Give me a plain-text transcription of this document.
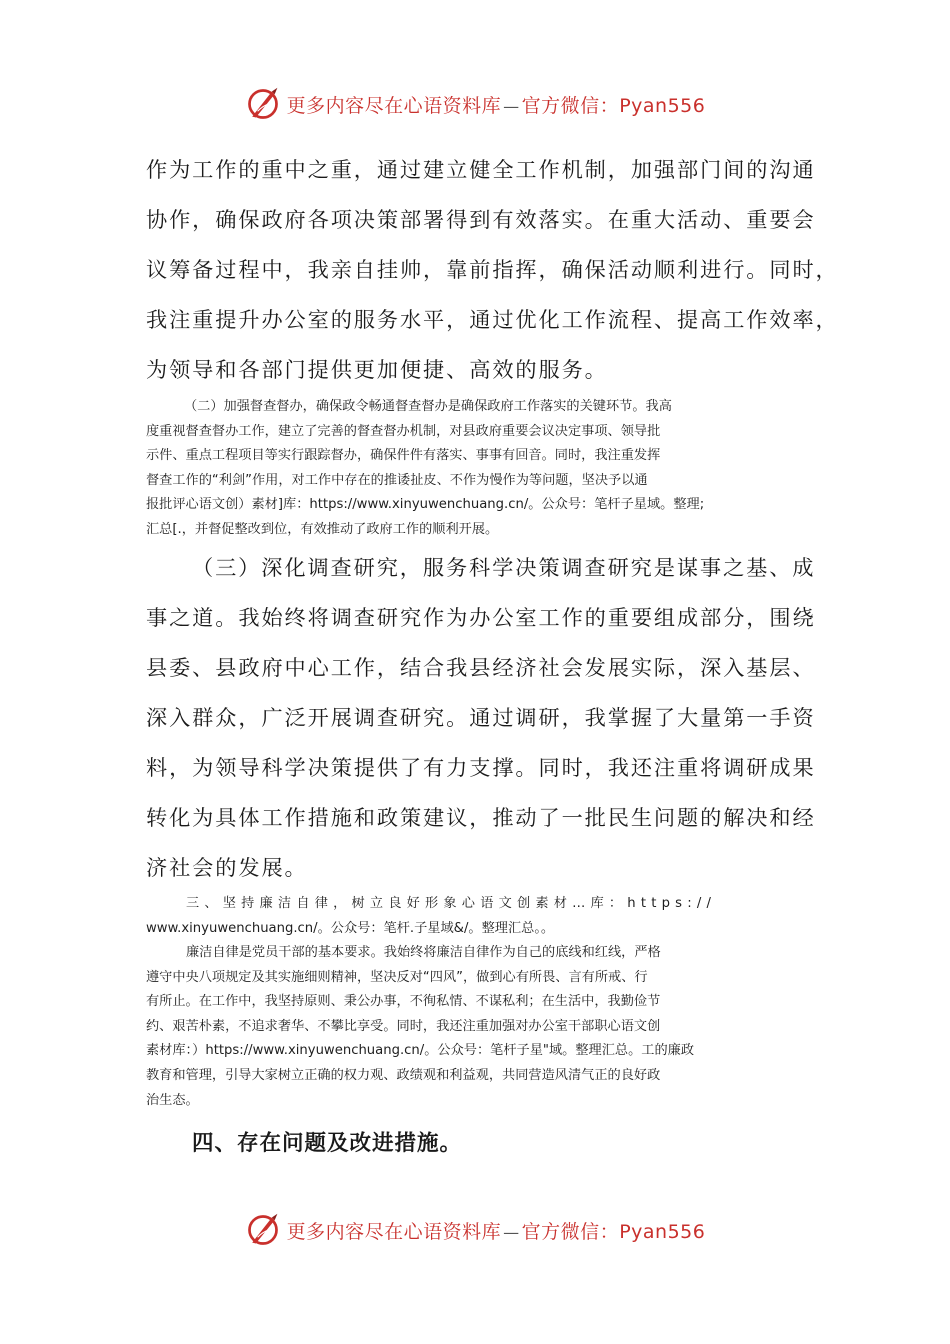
更多内容尽在心语资料库 — 官方微信：Pyan556

作为工作的重中之重，通过建立健全工作机制，加强部门间的沟通

协作，确保政府各项决策部署得到有效落实。在重大活动、重要会

议筹备过程中，我亲自挂帅，靠前指挥，确保活动顺利进行。同时，

我注重提升办公室的服务水平，通过优化工作流程、提高工作效率，

为领导和各部门提供更加便捷、高效的服务。

（二）加强督查督办，确保政令畅通督查督办是确保政府工作落实的关键环节。我高

度重视督查督办工作，建立了完善的督查督办机制，对县政府重要会议决定事项、领导批

示件、重点工程项目等实行跟踪督办，确保件件有落实、事事有回音。同时，我注重发挥

督查工作的“利剑”作用，对工作中存在的推诿扯皮、不作为慢作为等问题，坚决予以通

报批评心语文创）素材]库：https://www.xinyuwenchuang.cn/。公众号：笔杆子星域。整理;

汇总[.，并督促整改到位，有效推动了政府工作的顺利开展。

（三）深化调查研究，服务科学决策调查研究是谋事之基、成

事之道。我始终将调查研究作为办公室工作的重要组成部分，围绕

县委、县政府中心工作，结合我县经济社会发展实际，深入基层、

深入群众，广泛开展调查研究。通过调研，我掌握了大量第一手资

料，为领导科学决策提供了有力支撑。同时，我还注重将调研成果

转化为具体工作措施和政策建议，推动了一批民生问题的解决和经

济社会的发展。

三、坚持廉洁自律，树立良好形象心语文创素材…库：https://

www.xinyuwenchuang.cn/。公众号：笔杆.子星域&/。整理汇总。。

廉洁自律是党员干部的基本要求。我始终将廉洁自律作为自己的底线和红线，严格

遵守中央八项规定及其实施细则精神，坚决反对“四风”，做到心有所畏、言有所戒、行

有所止。在工作中，我坚持原则、秉公办事，不徇私情、不谋私利；在生活中，我勤俭节

约、艰苦朴素，不追求奢华、不攀比享受。同时，我还注重加强对办公室干部职心语文创

素材库：）https://www.xinyuwenchuang.cn/。公众号：笔杆子星"域。整理汇总。工的廉政

教育和管理，引导大家树立正确的权力观、政绩观和利益观，共同营造风清气正的良好政

治生态。

四、存在问题及改进措施。

更多内容尽在心语资料库 — 官方微信：Pyan556
